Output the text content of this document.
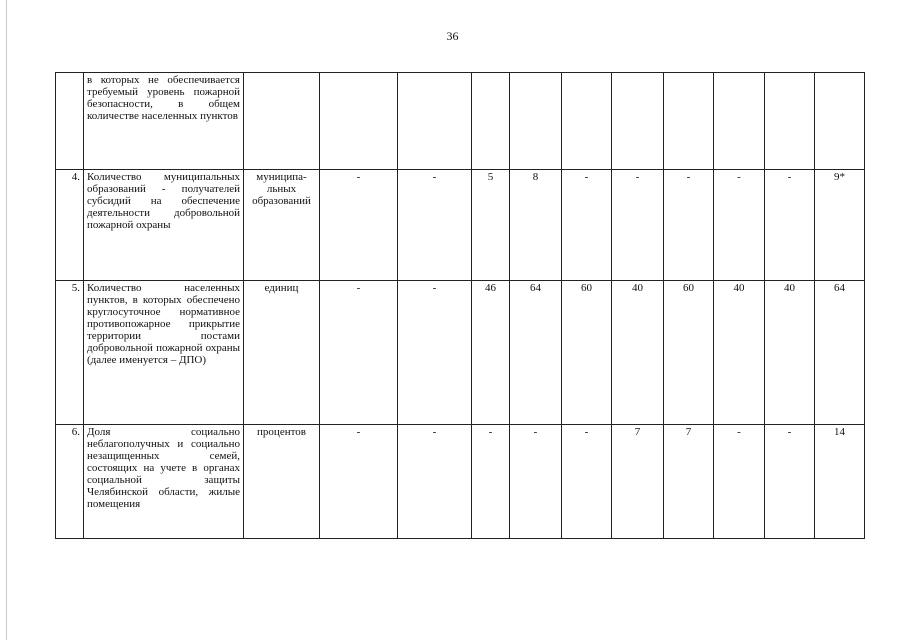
36
	в которых не обеспечивается требуемый уровень пожарной безопасности, в общем количестве населенных пунктов											
4.	Количество муниципальных образований - получателей субсидий на обеспечение деятельности добровольной пожарной охраны	муниципа-льных образований	-	-	5	8	-	-	-	-	-	9*
5.	Количество населенных пунктов, в которых обеспечено круглосуточное нормативное противопожарное прикрытие территории постами добровольной пожарной охраны (далее именуется – ДПО)	единиц	-	-	46	64	60	40	60	40	40	64
6.	Доля социально неблагополучных и социально незащищенных семей, состоящих на учете в органах социальной защиты Челябинской области, жилые помещения	процентов	-	-	-	-	-	7	7	-	-	14
